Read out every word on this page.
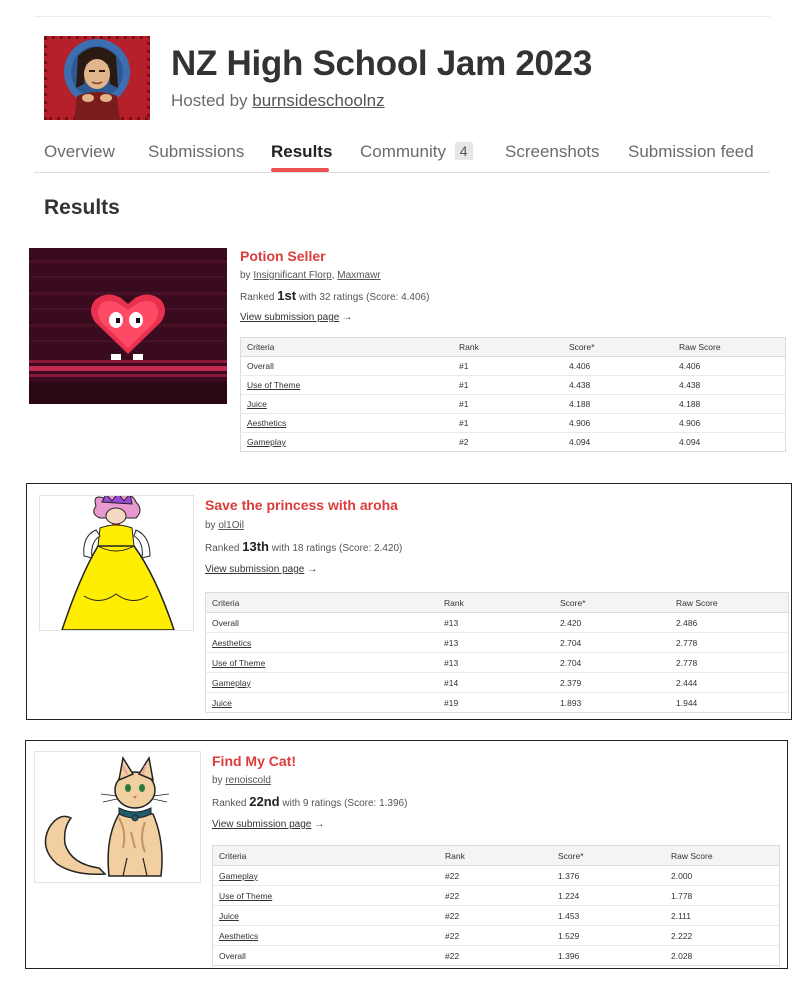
NZ High School Jam 2023
Hosted by burnsideschoolnz
Overview Submissions Results Community 4 Screenshots Submission feed
Results
Potion Seller
by Insignificant Florp, Maxmawr
Ranked 1st with 32 ratings (Score: 4.406)
View submission page →
Criteria	Rank	Score*	Raw Score
Overall	#1	4.406	4.406
Use of Theme	#1	4.438	4.438
Juice	#1	4.188	4.188
Aesthetics	#1	4.906	4.906
Gameplay	#2	4.094	4.094
Save the princess with aroha
by ol1Oil
Ranked 13th with 18 ratings (Score: 2.420)
View submission page →
Criteria	Rank	Score*	Raw Score
Overall	#13	2.420	2.486
Aesthetics	#13	2.704	2.778
Use of Theme	#13	2.704	2.778
Gameplay	#14	2.379	2.444
Juice	#19	1.893	1.944
Find My Cat!
by renoiscold
Ranked 22nd with 9 ratings (Score: 1.396)
View submission page →
Criteria	Rank	Score*	Raw Score
Gameplay	#22	1.376	2.000
Use of Theme	#22	1.224	1.778
Juice	#22	1.453	2.111
Aesthetics	#22	1.529	2.222
Overall	#22	1.396	2.028
